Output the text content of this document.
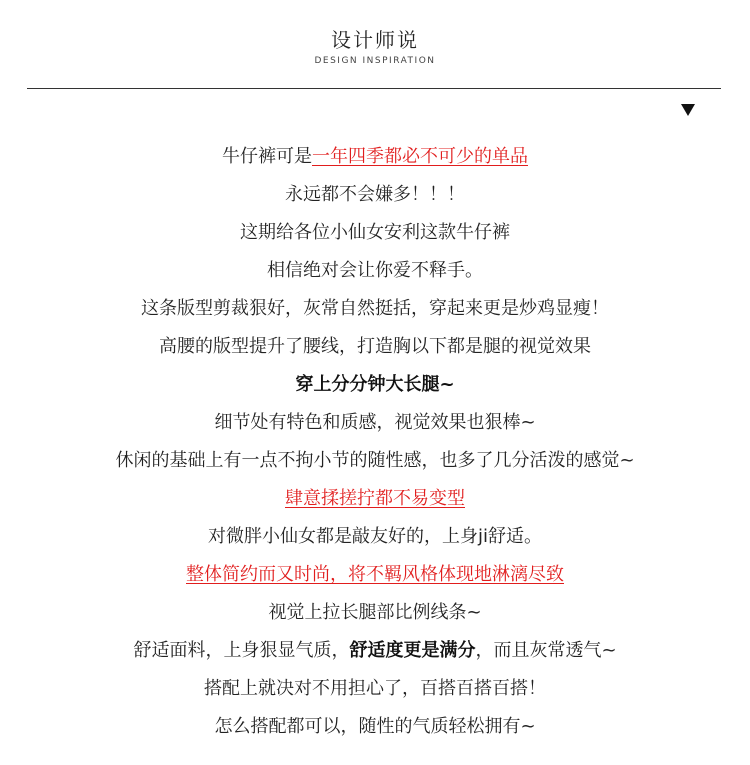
设计师说
DESIGN INSPIRATION
牛仔裤可是一年四季都必不可少的单品
永远都不会嫌多！！！
这期给各位小仙女安利这款牛仔裤
相信绝对会让你爱不释手。
这条版型剪裁狠好，灰常自然挺括，穿起来更是炒鸡显瘦！
高腰的版型提升了腰线，打造胸以下都是腿的视觉效果
穿上分分钟大长腿~
细节处有特色和质感，视觉效果也狠棒~
休闲的基础上有一点不拘小节的随性感，也多了几分活泼的感觉~
肆意揉搓拧都不易变型
对微胖小仙女都是敲友好的，上身ji舒适。
整体简约而又时尚，将不羁风格体现地淋漓尽致
视觉上拉长腿部比例线条~
舒适面料，上身狠显气质，舒适度更是满分，而且灰常透气~
搭配上就决对不用担心了，百搭百搭百搭！
怎么搭配都可以，随性的气质轻松拥有~
